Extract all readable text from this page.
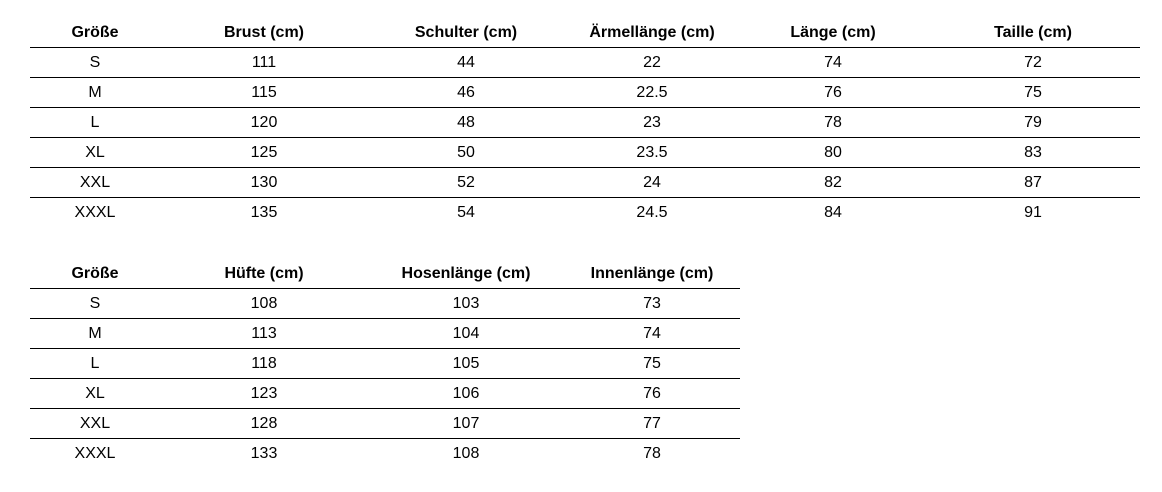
Größe	Brust (cm)	Schulter (cm)	Ärmellänge (cm)	Länge (cm)	Taille (cm)
S	111	44	22	74	72
M	115	46	22.5	76	75
L	120	48	23	78	79
XL	125	50	23.5	80	83
XXL	130	52	24	82	87
XXXL	135	54	24.5	84	91
Größe	Hüfte (cm)	Hosenlänge (cm)	Innenlänge (cm)
S	108	103	73
M	113	104	74
L	118	105	75
XL	123	106	76
XXL	128	107	77
XXXL	133	108	78
